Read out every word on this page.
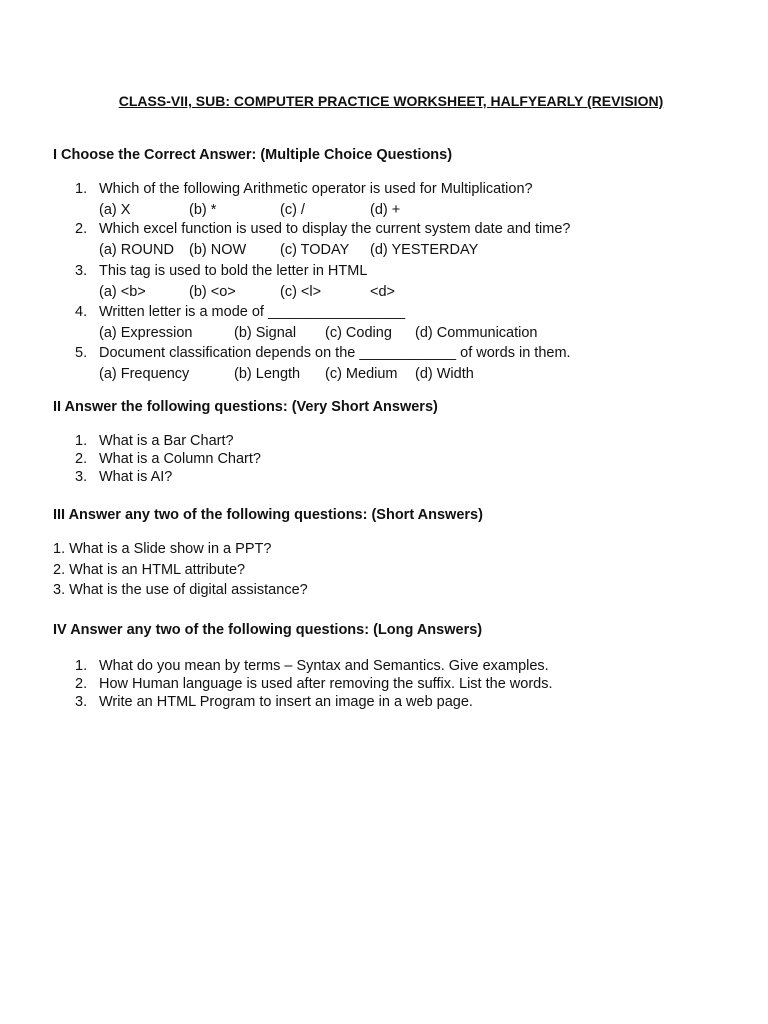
CLASS-VII, SUB: COMPUTER PRACTICE WORKSHEET, HALFYEARLY (REVISION)
I Choose the Correct Answer: (Multiple Choice Questions)
1. Which of the following Arithmetic operator is used for Multiplication?
(a) X	(b) *	(c) /	(d) +
2. Which excel function is used to display the current system date and time?
(a) ROUND (b) NOW (c) TODAY (d) YESTERDAY
3. This tag is used to bold the letter in HTML
(a) <b>	(b) <o>	(c) <l>	<d>
4. Written letter is a mode of _________________
(a) Expression	(b) Signal (c) Coding (d) Communication
5. Document classification depends on the ____________ of words in them.
(a) Frequency	(b) Length (c) Medium (d) Width
II Answer the following questions: (Very Short Answers)
1. What is a Bar Chart?
2. What is a Column Chart?
3. What is AI?
III Answer any two of the following questions: (Short Answers)
1. What is a Slide show in a PPT?
2. What is an HTML attribute?
3. What is the use of digital assistance?
IV Answer any two of the following questions: (Long Answers)
1. What do you mean by terms – Syntax and Semantics. Give examples.
2. How Human language is used after removing the suffix. List the words.
3. Write an HTML Program to insert an image in a web page.
